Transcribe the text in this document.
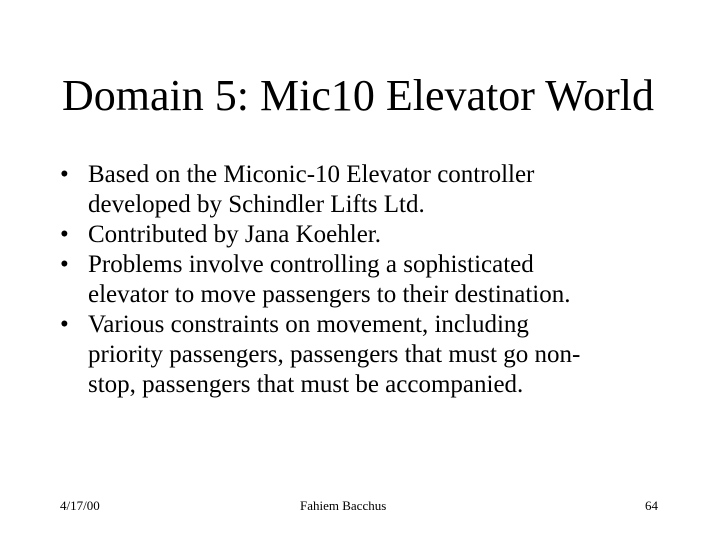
Domain 5: Mic10 Elevator World
• Based on the Miconic-10 Elevator controller
developed by Schindler Lifts Ltd.
• Contributed by Jana Koehler.
• Problems involve controlling a sophisticated
elevator to move passengers to their destination.
• Various constraints on movement, including
priority passengers, passengers that must go non-
stop, passengers that must be accompanied.
4/17/00	Fahiem Bacchus	64
